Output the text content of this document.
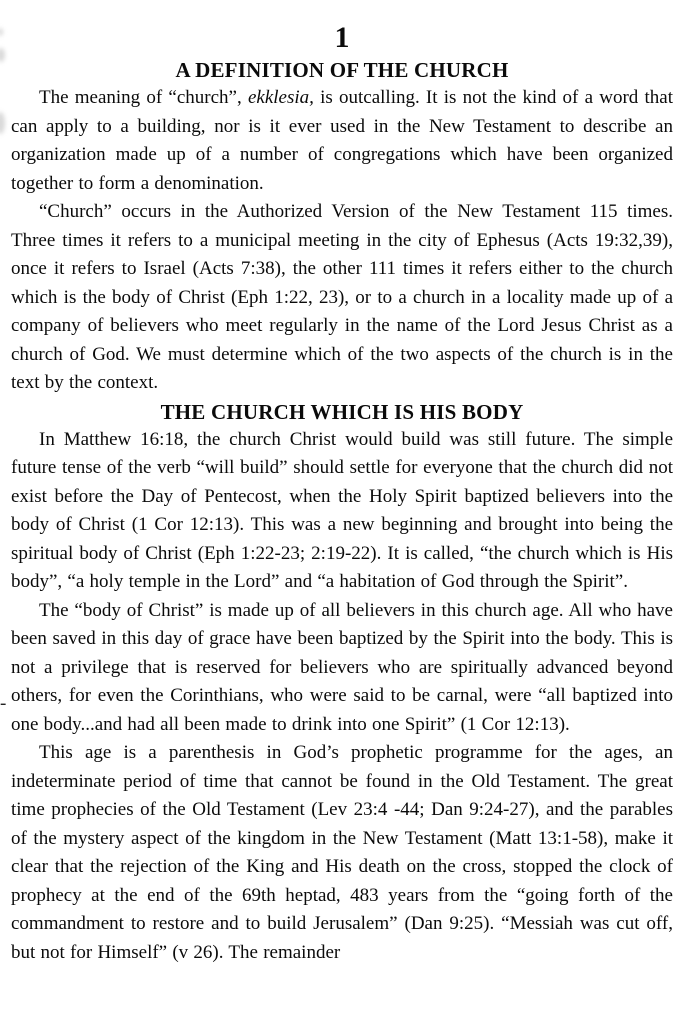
-
1
A DEFINITION OF THE CHURCH

The meaning of “church”, ekklesia, is outcalling. It is not the kind of a word that can apply to a building, nor is it ever used in the New Testament to describe an organization made up of a number of congregations which have been organized together to form a denomination.

“Church” occurs in the Authorized Version of the New Testament 115 times. Three times it refers to a municipal meeting in the city of Ephesus (Acts 19:32,39), once it refers to Israel (Acts 7:38), the other 111 times it refers either to the church which is the body of Christ (Eph 1:22, 23), or to a church in a locality made up of a company of believers who meet regularly in the name of the Lord Jesus Christ as a church of God. We must determine which of the two aspects of the church is in the text by the context.

THE CHURCH WHICH IS HIS BODY

In Matthew 16:18, the church Christ would build was still future. The simple future tense of the verb “will build” should settle for everyone that the church did not exist before the Day of Pentecost, when the Holy Spirit baptized believers into the body of Christ (1 Cor 12:13). This was a new beginning and brought into being the spiritual body of Christ (Eph 1:22-23; 2:19-22). It is called, “the church which is His body”, “a holy temple in the Lord” and “a habitation of God through the Spirit”.

The “body of Christ” is made up of all believers in this church age. All who have been saved in this day of grace have been baptized by the Spirit into the body. This is not a privilege that is reserved for believers who are spiritually advanced beyond others, for even the Corinthians, who were said to be carnal, were “all baptized into one body...and had all been made to drink into one Spirit” (1 Cor 12:13).

This age is a parenthesis in God’s prophetic programme for the ages, an indeterminate period of time that cannot be found in the Old Testament. The great time prophecies of the Old Testament (Lev 23:4 -44; Dan 9:24-27), and the parables of the mystery aspect of the kingdom in the New Testament (Matt 13:1-58), make it clear that the rejection of the King and His death on the cross, stopped the clock of prophecy at the end of the 69th heptad, 483 years from the “going forth of the commandment to restore and to build Jerusalem” (Dan 9:25). “Messiah was cut off, but not for Himself” (v 26). The remainder
